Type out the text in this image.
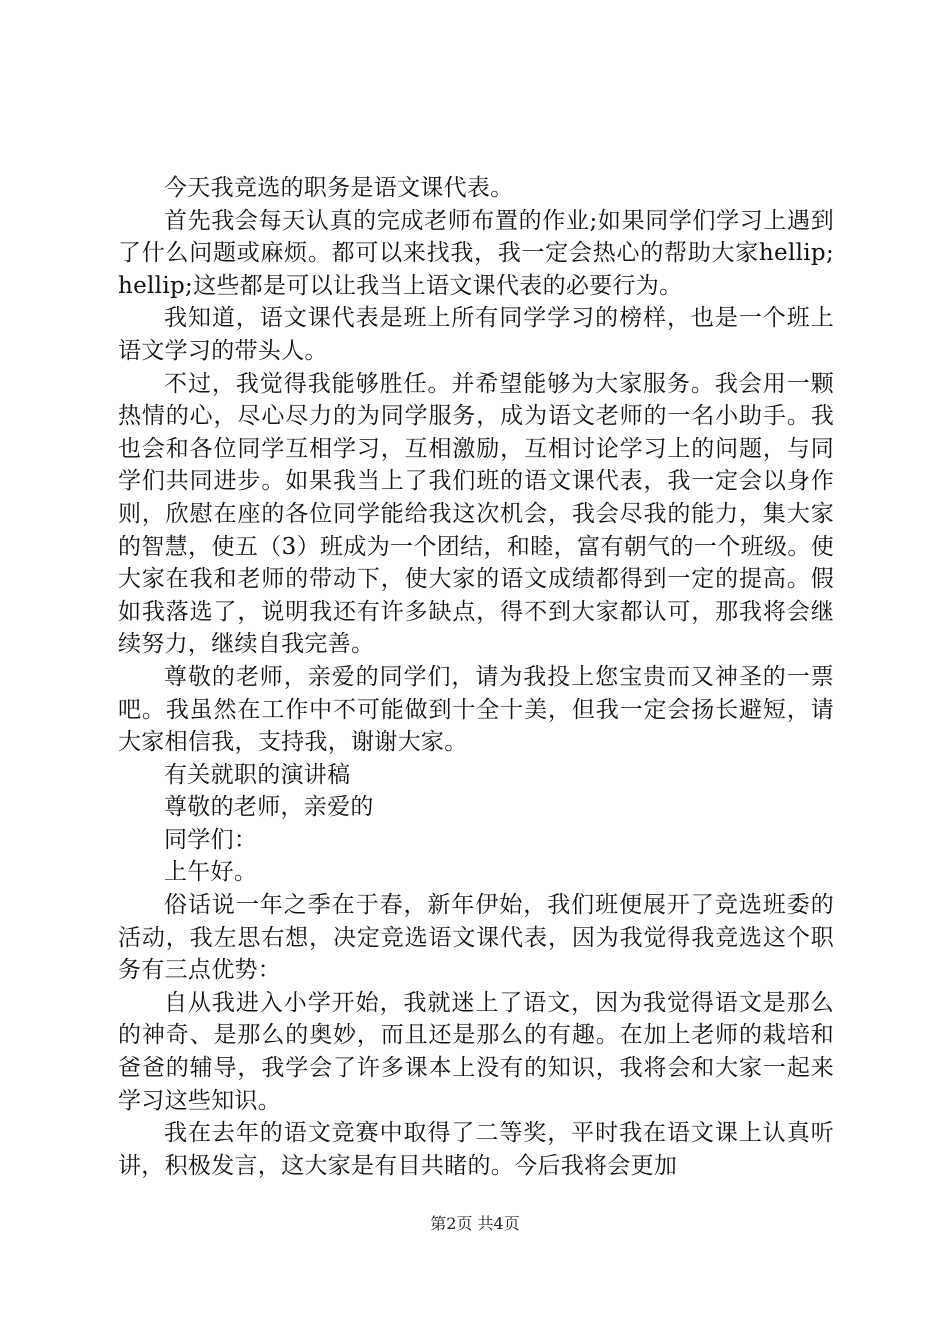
今天我竞选的职务是语文课代表。

首先我会每天认真的完成老师布置的作业;如果同学们学习上遇到了什么问题或麻烦。都可以来找我，我一定会热心的帮助大家hellip;hellip;这些都是可以让我当上语文课代表的必要行为。

我知道，语文课代表是班上所有同学学习的榜样，也是一个班上语文学习的带头人。

不过，我觉得我能够胜任。并希望能够为大家服务。我会用一颗热情的心，尽心尽力的为同学服务，成为语文老师的一名小助手。我也会和各位同学互相学习，互相激励，互相讨论学习上的问题，与同学们共同进步。如果我当上了我们班的语文课代表，我一定会以身作则，欣慰在座的各位同学能给我这次机会，我会尽我的能力，集大家的智慧，使五（3）班成为一个团结，和睦，富有朝气的一个班级。使大家在我和老师的带动下，使大家的语文成绩都得到一定的提高。假如我落选了，说明我还有许多缺点，得不到大家都认可，那我将会继续努力，继续自我完善。

尊敬的老师，亲爱的同学们，请为我投上您宝贵而又神圣的一票吧。我虽然在工作中不可能做到十全十美，但我一定会扬长避短，请大家相信我，支持我，谢谢大家。

有关就职的演讲稿

尊敬的老师，亲爱的

同学们：

上午好。

俗话说一年之季在于春，新年伊始，我们班便展开了竞选班委的活动，我左思右想，决定竞选语文课代表，因为我觉得我竞选这个职务有三点优势：

自从我进入小学开始，我就迷上了语文，因为我觉得语文是那么的神奇、是那么的奥妙，而且还是那么的有趣。在加上老师的栽培和爸爸的辅导，我学会了许多课本上没有的知识，我将会和大家一起来学习这些知识。

我在去年的语文竞赛中取得了二等奖，平时我在语文课上认真听讲，积极发言，这大家是有目共睹的。今后我将会更加

第2页 共4页
